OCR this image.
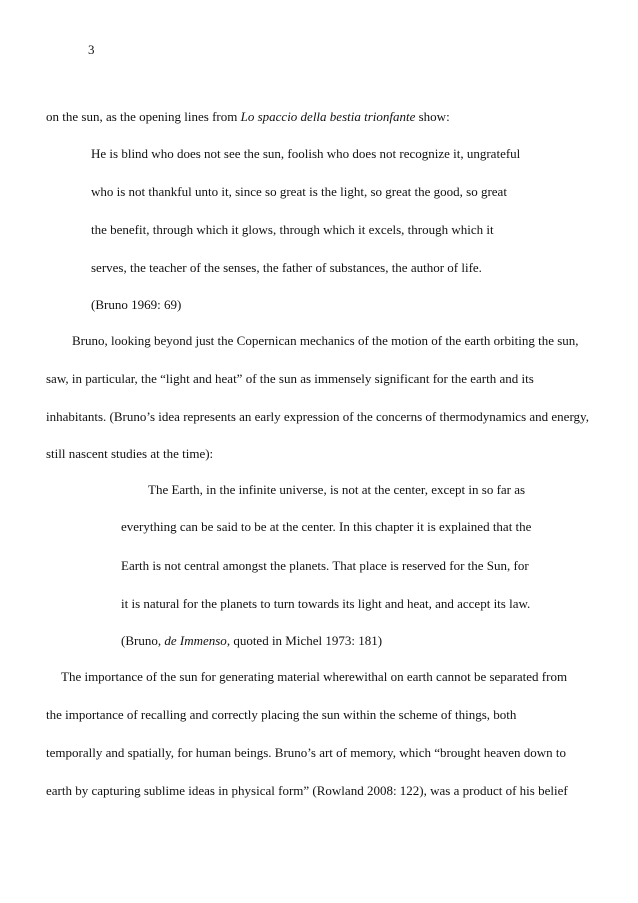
3
on the sun, as the opening lines from Lo spaccio della bestia trionfante show:
He is blind who does not see the sun, foolish who does not recognize it, ungrateful
who is not thankful unto it, since so great is the light, so great the good, so great
the benefit, through which it glows, through which it excels, through which it
serves, the teacher of the senses, the father of substances, the author of life.
(Bruno 1969: 69)
Bruno, looking beyond just the Copernican mechanics of the motion of the earth orbiting the sun,
saw, in particular, the “light and heat” of the sun as immensely significant for the earth and its
inhabitants. (Bruno’s idea represents an early expression of the concerns of thermodynamics and energy,
still nascent studies at the time):
The Earth, in the infinite universe, is not at the center, except in so far as
everything can be said to be at the center. In this chapter it is explained that the
Earth is not central amongst the planets. That place is reserved for the Sun, for
it is natural for the planets to turn towards its light and heat, and accept its law.
(Bruno, de Immenso, quoted in Michel 1973: 181)
The importance of the sun for generating material wherewithal on earth cannot be separated from
the importance of recalling and correctly placing the sun within the scheme of things, both
temporally and spatially, for human beings. Bruno’s art of memory, which “brought heaven down to
earth by capturing sublime ideas in physical form” (Rowland 2008: 122), was a product of his belief
